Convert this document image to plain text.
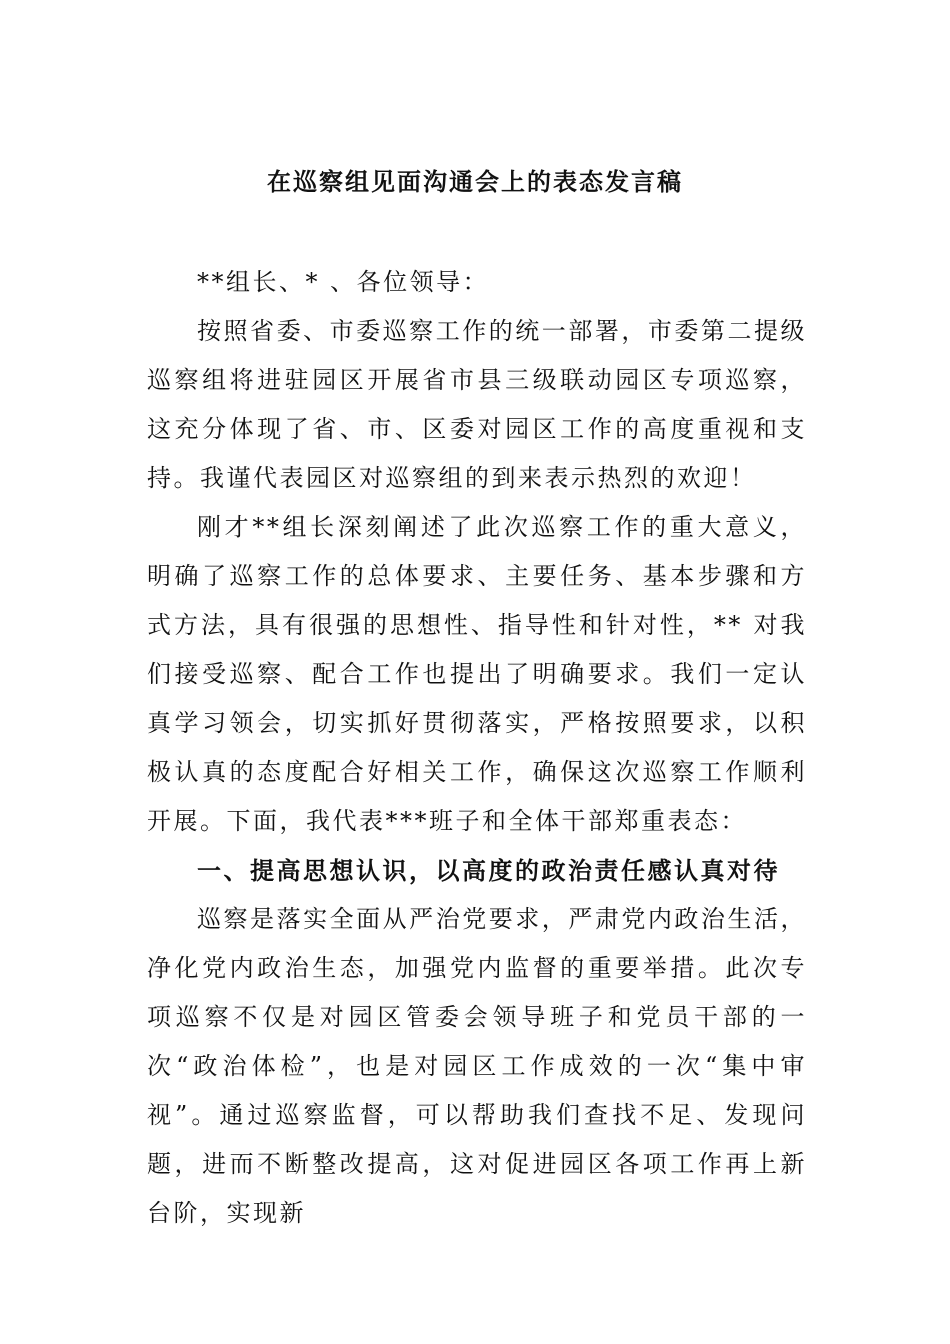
在巡察组见面沟通会上的表态发言稿

**组长、* 、各位领导：

按照省委、市委巡察工作的统一部署，市委第二提级巡察组将进驻园区开展省市县三级联动园区专项巡察，这充分体现了省、市、区委对园区工作的高度重视和支持。我谨代表园区对巡察组的到来表示热烈的欢迎！

刚才**组长深刻阐述了此次巡察工作的重大意义，明确了巡察工作的总体要求、主要任务、基本步骤和方式方法，具有很强的思想性、指导性和针对性，** 对我们接受巡察、配合工作也提出了明确要求。我们一定认真学习领会，切实抓好贯彻落实，严格按照要求，以积极认真的态度配合好相关工作，确保这次巡察工作顺利开展。下面，我代表***班子和全体干部郑重表态：

一、提高思想认识，以高度的政治责任感认真对待

巡察是落实全面从严治党要求，严肃党内政治生活，净化党内政治生态，加强党内监督的重要举措。此次专项巡察不仅是对园区管委会领导班子和党员干部的一次“政治体检”，也是对园区工作成效的一次“集中审视”。通过巡察监督，可以帮助我们查找不足、发现问题，进而不断整改提高，这对促进园区各项工作再上新台阶，实现新
